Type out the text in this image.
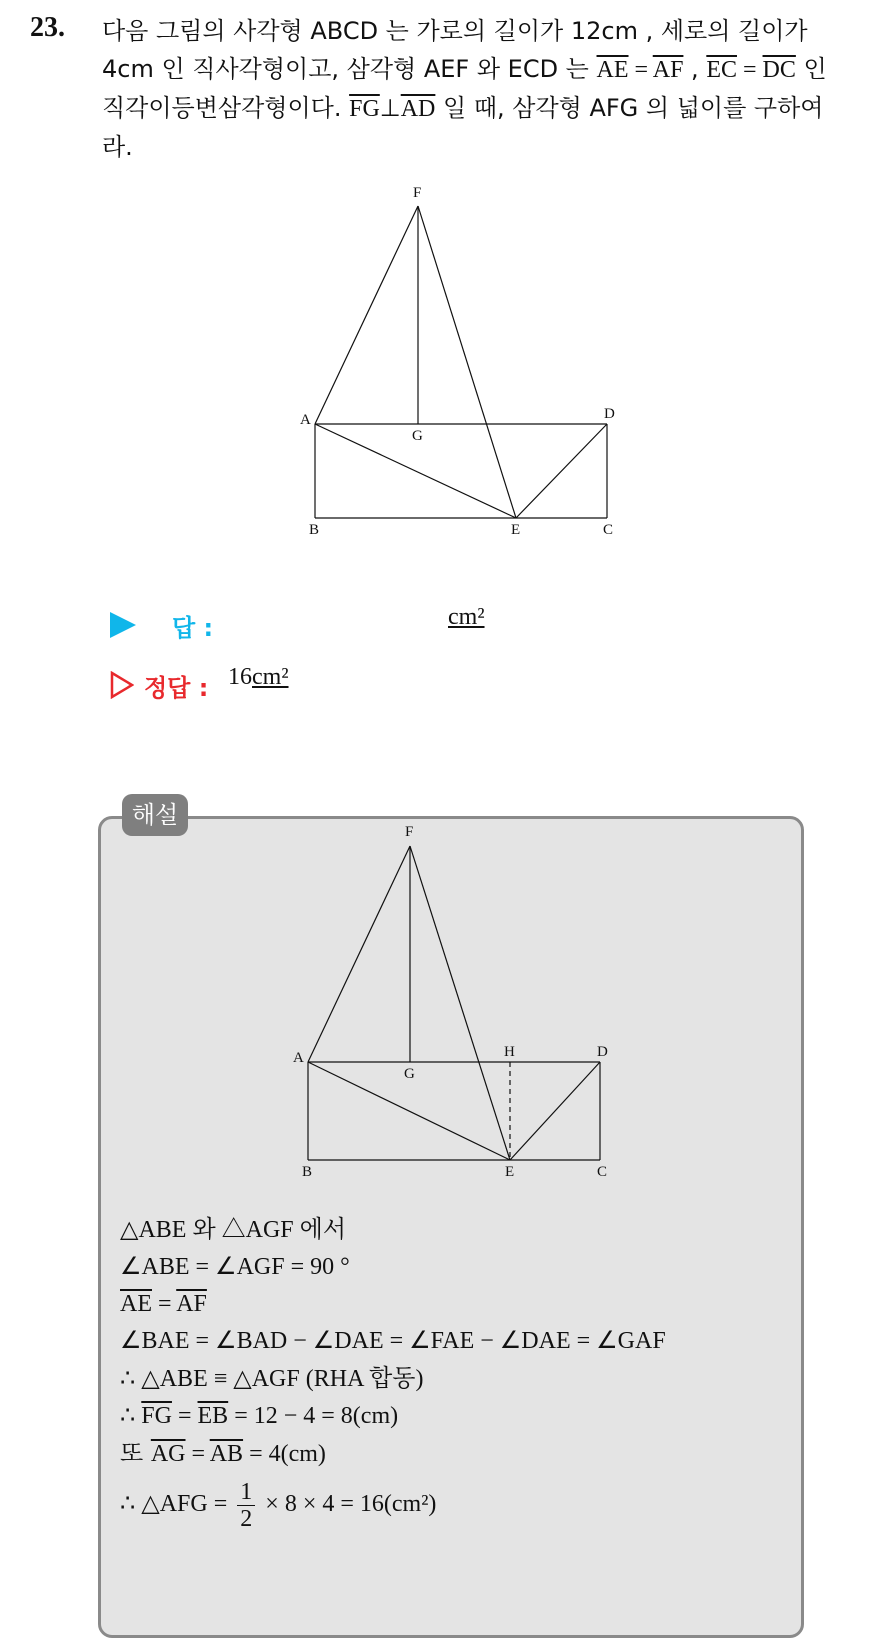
23. 다음 그림의 사각형 ABCD 는 가로의 길이가 12cm , 세로의 길이가 4cm 인 직사각형이고, 삼각형 AEF 와 ECD 는 $\overline{AE} = \overline{AF}$ , $\overline{EC} = \overline{DC}$ 인 직각이등변삼각형이다. $\overline{FG}\perp\overline{AD}$ 일 때, 삼각형 AFG 의 넓이를 구하여라.
F
A	D
G
B	E	C
답 :	cm²
정답 : 16cm²
해설
F
A
G
H	D
B	E	C
△ABE 와 △AGF 에서
∠ABE = ∠AGF = 90 °
$\overline{AE} = \overline{AF}$
∠BAE = ∠BAD − ∠DAE = ∠FAE − ∠DAE = ∠GAF
∴ △ABE ≡ △AGF (RHA 합동)
∴ $\overline{FG} = \overline{EB} = 12 - 4 = 8(cm)$
또 $\overline{AG} = \overline{AB} = 4(cm)$
∴ △AFG = $\frac{1}{2} \times 8 \times 4 = 16(cm^2)$
